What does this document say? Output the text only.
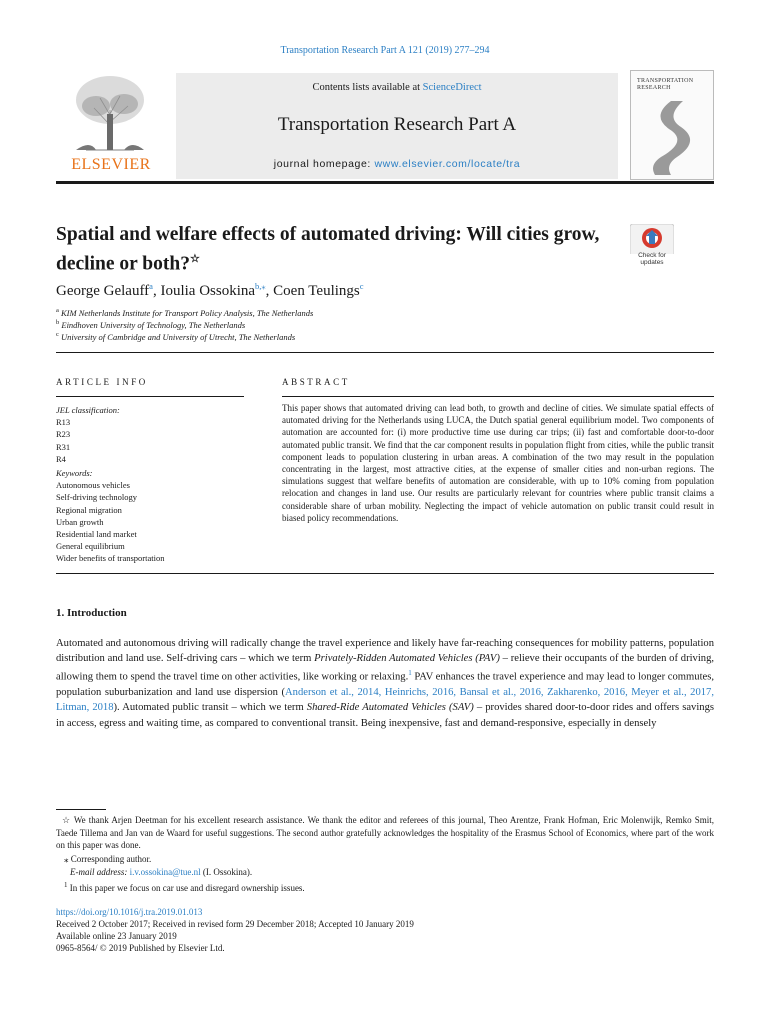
Transportation Research Part A 121 (2019) 277–294
ELSEVIER
Contents lists available at ScienceDirect
Transportation Research Part A
journal homepage: www.elsevier.com/locate/tra
TRANSPORTATION RESEARCH
Spatial and welfare effects of automated driving: Will cities grow,
decline or both?☆	Check for
updates
George Gelauff$^a$, Ioulia Ossokina$^{b,⁎}$, Coen Teulings$^c$
$^a$ KIM Netherlands Institute for Transport Policy Analysis, The Netherlands
$^b$ Eindhoven University of Technology, The Netherlands
$^c$ University of Cambridge and University of Utrecht, The Netherlands
ARTICLE INFO
JEL classification:
R13
R23
R31
R4
Keywords:
Autonomous vehicles
Self-driving technology
Regional migration
Urban growth
Residential land market
General equilibrium
Wider benefits of transportation
ABSTRACT
This paper shows that automated driving can lead both, to growth and decline of cities. We simulate spatial effects of automated driving for the Netherlands using LUCA, the Dutch spatial general equilibrium model. Two components of automation are accounted for: (i) more productive time use during car trips; (ii) fast and comfortable door-to-door automated public transit. We find that the car component results in population flight from cities, while the public transit component leads to population clustering in urban areas. A combination of the two may result in the population concentrating in the largest, most attractive cities, at the expense of smaller cities and non-urban regions. The simulations suggest that welfare benefits of automation are considerable, with up to 10% coming from population relocation and changes in land use. Our results are particularly relevant for countries where public transit claims a considerable share of urban mobility. Neglecting the impact of vehicle automation on public transit could result in biased policy recommendations.
1. Introduction
Automated and autonomous driving will radically change the travel experience and likely have far-reaching consequences for mobility patterns, population distribution and land use. Self-driving cars – which we term Privately-Ridden Automated Vehicles (PAV) – relieve their occupants of the burden of driving, allowing them to spend the travel time on other activities, like working or relaxing.$^1$ PAV enhances the travel experience and may lead to longer commutes, population suburbanization and land use dispersion (Anderson et al., 2014, Heinrichs, 2016, Bansal et al., 2016, Zakharenko, 2016, Meyer et al., 2017, Litman, 2018). Automated public transit – which we term Shared-Ride Automated Vehicles (SAV) – provides shared door-to-door rides and offers savings in access, egress and waiting time, as compared to conventional transit. Being inexpensive, fast and demand-responsive, especially in densely
☆ We thank Arjen Deetman for his excellent research assistance. We thank the editor and referees of this journal, Theo Arentze, Frank Hofman, Eric Molenwijk, Remko Smit, Taede Tillema and Jan van de Waard for useful suggestions. The second author gratefully acknowledges the hospitality of the Erasmus School of Economics, where part of the work on this paper was done.
⁎ Corresponding author.
E-mail address: i.v.ossokina@tue.nl (I. Ossokina).
$^1$ In this paper we focus on car use and disregard ownership issues.
https://doi.org/10.1016/j.tra.2019.01.013
Received 2 October 2017; Received in revised form 29 December 2018; Accepted 10 January 2019
Available online 23 January 2019
0965-8564/ © 2019 Published by Elsevier Ltd.
